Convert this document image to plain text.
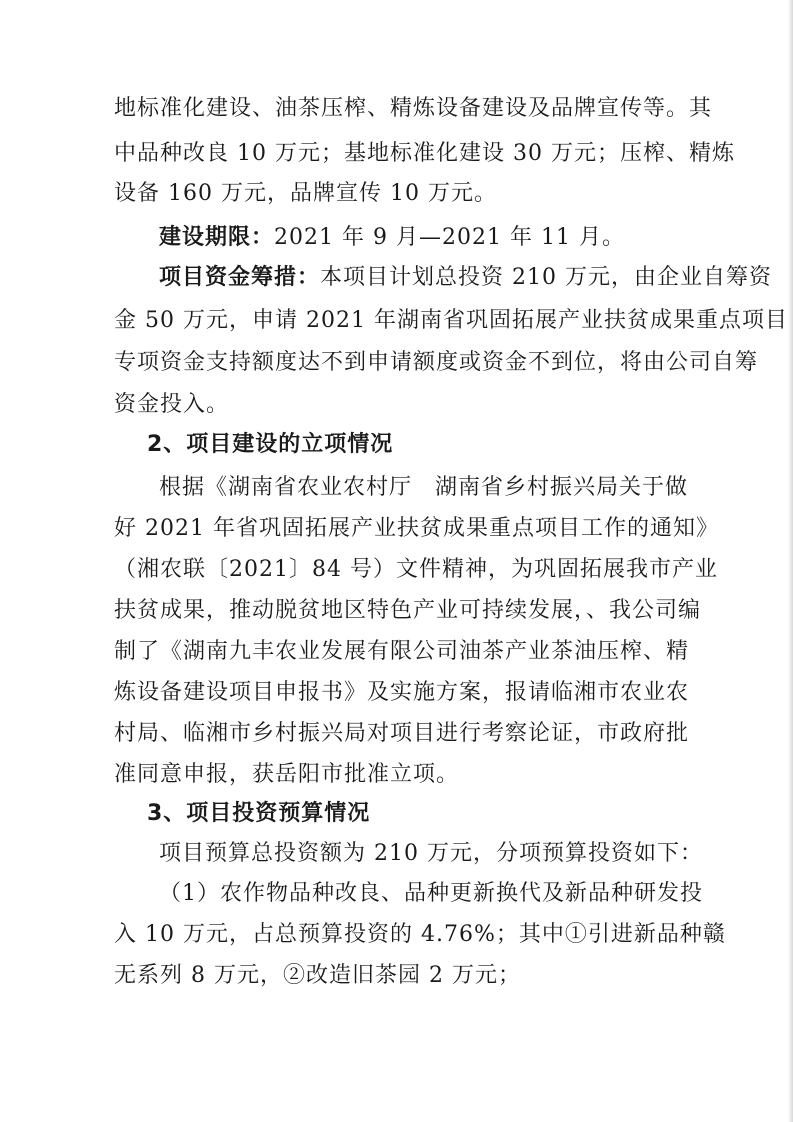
地标准化建设、油茶压榨、精炼设备建设及品牌宣传等。其
中品种改良 10 万元；基地标准化建设 30 万元；压榨、精炼
设备 160 万元，品牌宣传 10 万元。
建设期限：2021 年 9 月—2021 年 11 月。
项目资金筹措：本项目计划总投资 210 万元，由企业自筹资
金 50 万元，申请 2021 年湖南省巩固拓展产业扶贫成果重点项目
专项资金支持额度达不到申请额度或资金不到位，将由公司自筹
资金投入。
2、项目建设的立项情况
根据《湖南省农业农村厅　湖南省乡村振兴局关于做
好 2021 年省巩固拓展产业扶贫成果重点项目工作的通知》
（湘农联〔2021〕84 号）文件精神，为巩固拓展我市产业
扶贫成果，推动脱贫地区特色产业可持续发展，、我公司编
制了《湖南九丰农业发展有限公司油茶产业茶油压榨、精
炼设备建设项目申报书》及实施方案，报请临湘市农业农
村局、临湘市乡村振兴局对项目进行考察论证，市政府批
准同意申报，获岳阳市批准立项。
3、项目投资预算情况
项目预算总投资额为 210 万元，分项预算投资如下：
（1）农作物品种改良、品种更新换代及新品种研发投
入 10 万元，占总预算投资的 4.76%；其中①引进新品种赣
无系列 8 万元，②改造旧茶园 2 万元；
